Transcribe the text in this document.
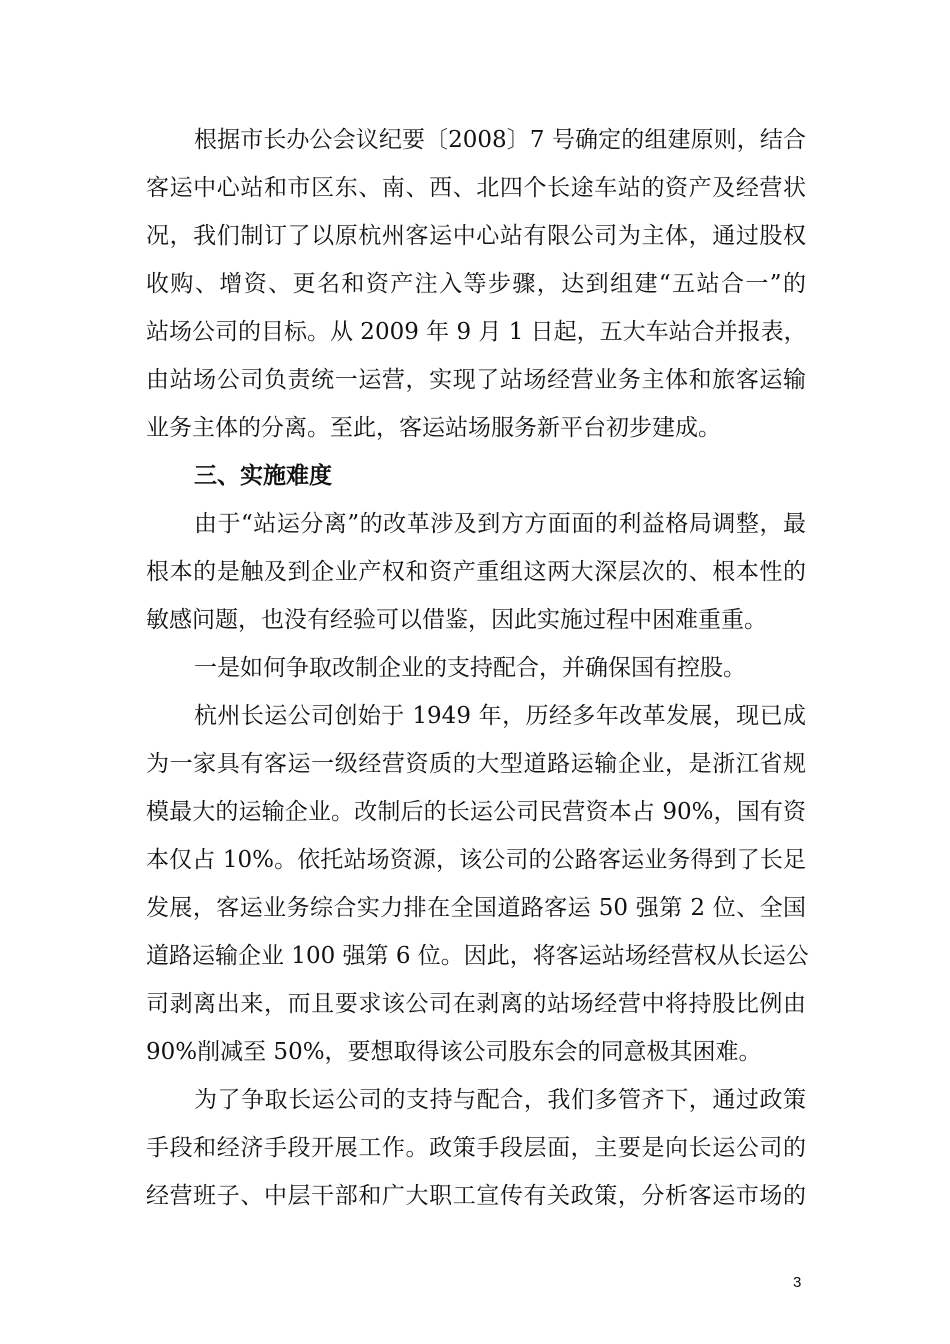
根据市长办公会议纪要〔2008〕7 号确定的组建原则，结合
客运中心站和市区东、南、西、北四个长途车站的资产及经营状
况，我们制订了以原杭州客运中心站有限公司为主体，通过股权
收购、增资、更名和资产注入等步骤，达到组建“五站合一”的
站场公司的目标。从 2009 年 9 月 1 日起，五大车站合并报表，
由站场公司负责统一运营，实现了站场经营业务主体和旅客运输
业务主体的分离。至此，客运站场服务新平台初步建成。
三、实施难度
由于“站运分离”的改革涉及到方方面面的利益格局调整，最
根本的是触及到企业产权和资产重组这两大深层次的、根本性的
敏感问题，也没有经验可以借鉴，因此实施过程中困难重重。
一是如何争取改制企业的支持配合，并确保国有控股。
杭州长运公司创始于 1949 年，历经多年改革发展，现已成
为一家具有客运一级经营资质的大型道路运输企业，是浙江省规
模最大的运输企业。改制后的长运公司民营资本占 90%，国有资
本仅占 10%。依托站场资源，该公司的公路客运业务得到了长足
发展，客运业务综合实力排在全国道路客运 50 强第 2 位、全国
道路运输企业 100 强第 6 位。因此，将客运站场经营权从长运公
司剥离出来，而且要求该公司在剥离的站场经营中将持股比例由
90%削减至 50%，要想取得该公司股东会的同意极其困难。
为了争取长运公司的支持与配合，我们多管齐下，通过政策
手段和经济手段开展工作。政策手段层面，主要是向长运公司的
经营班子、中层干部和广大职工宣传有关政策，分析客运市场的
3
